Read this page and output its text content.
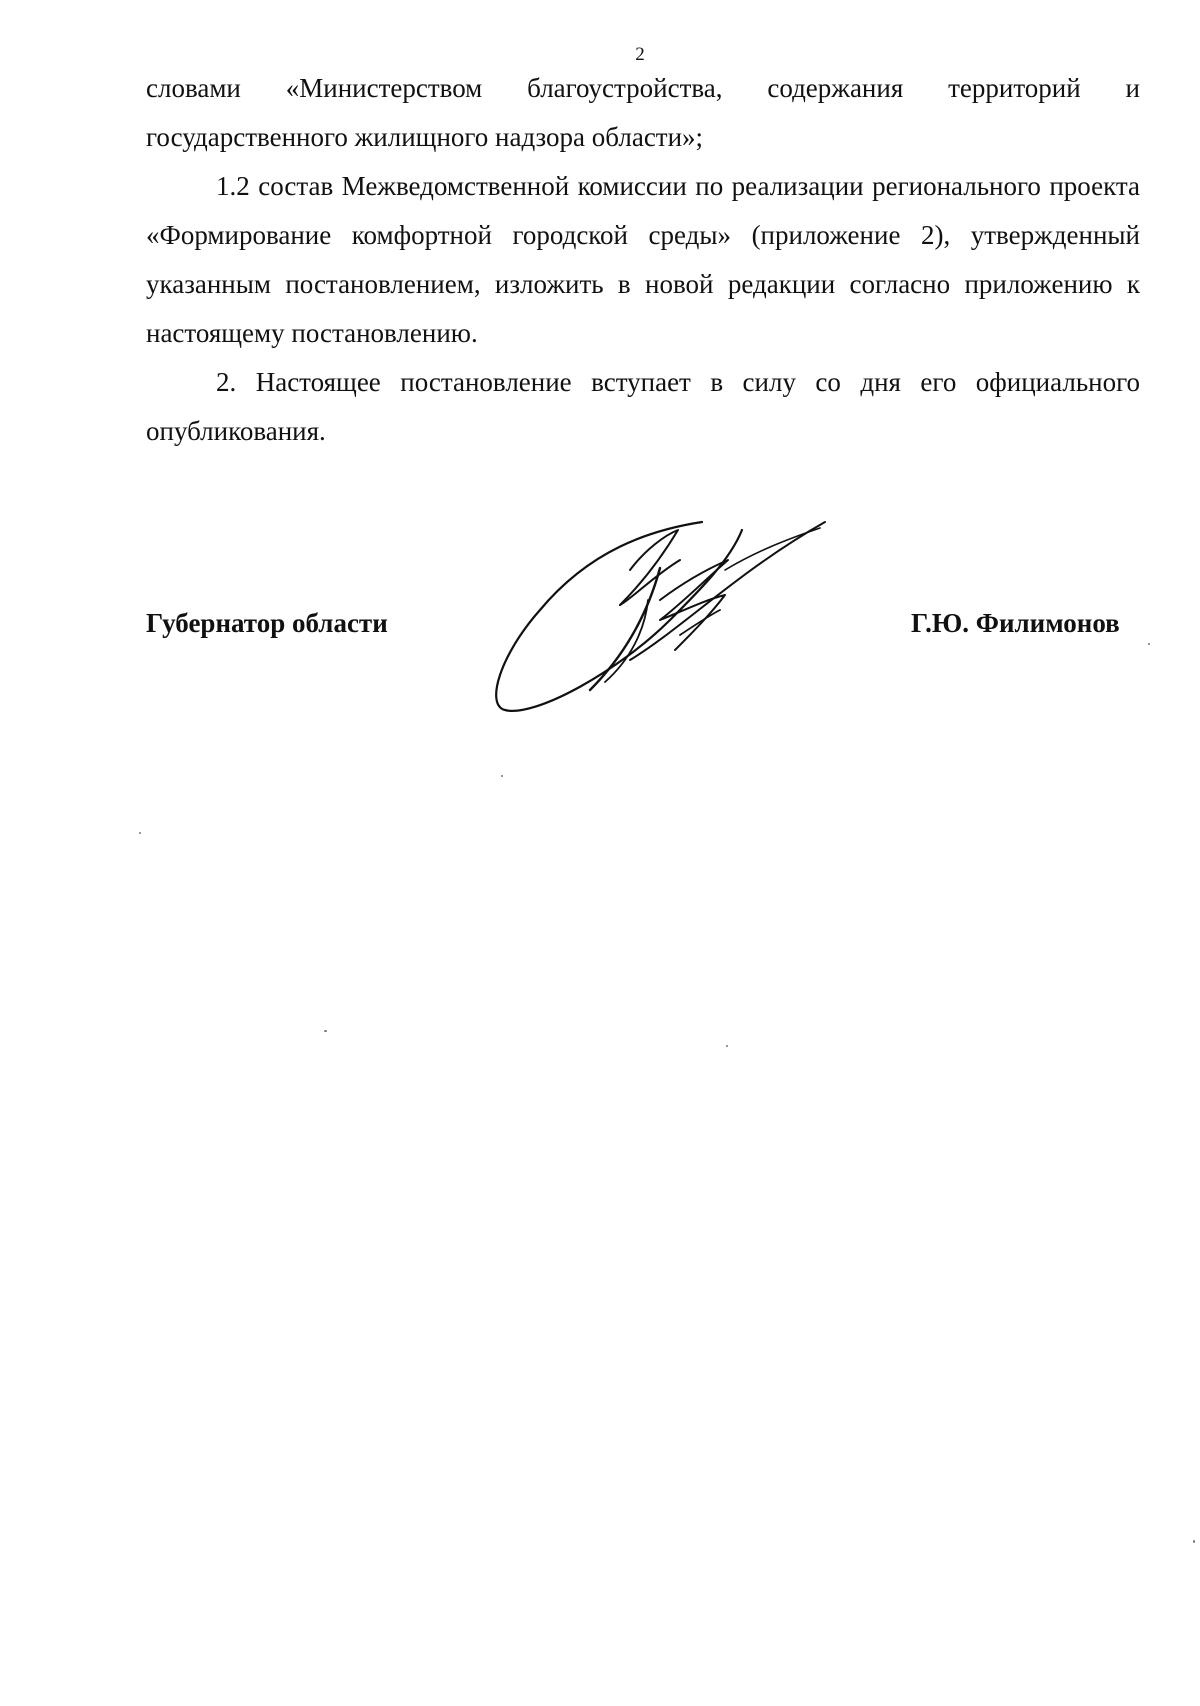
2

словами «Министерством благоустройства, содержания территорий и государственного жилищного надзора области»;

1.2 состав Межведомственной комиссии по реализации регионального проекта «Формирование комфортной городской среды» (приложение 2), утвержденный указанным постановлением, изложить в новой редакции согласно приложению к настоящему постановлению.

2. Настоящее постановление вступает в силу со дня его официального опубликования.

Губернатор области	Г.Ю. Филимонов
